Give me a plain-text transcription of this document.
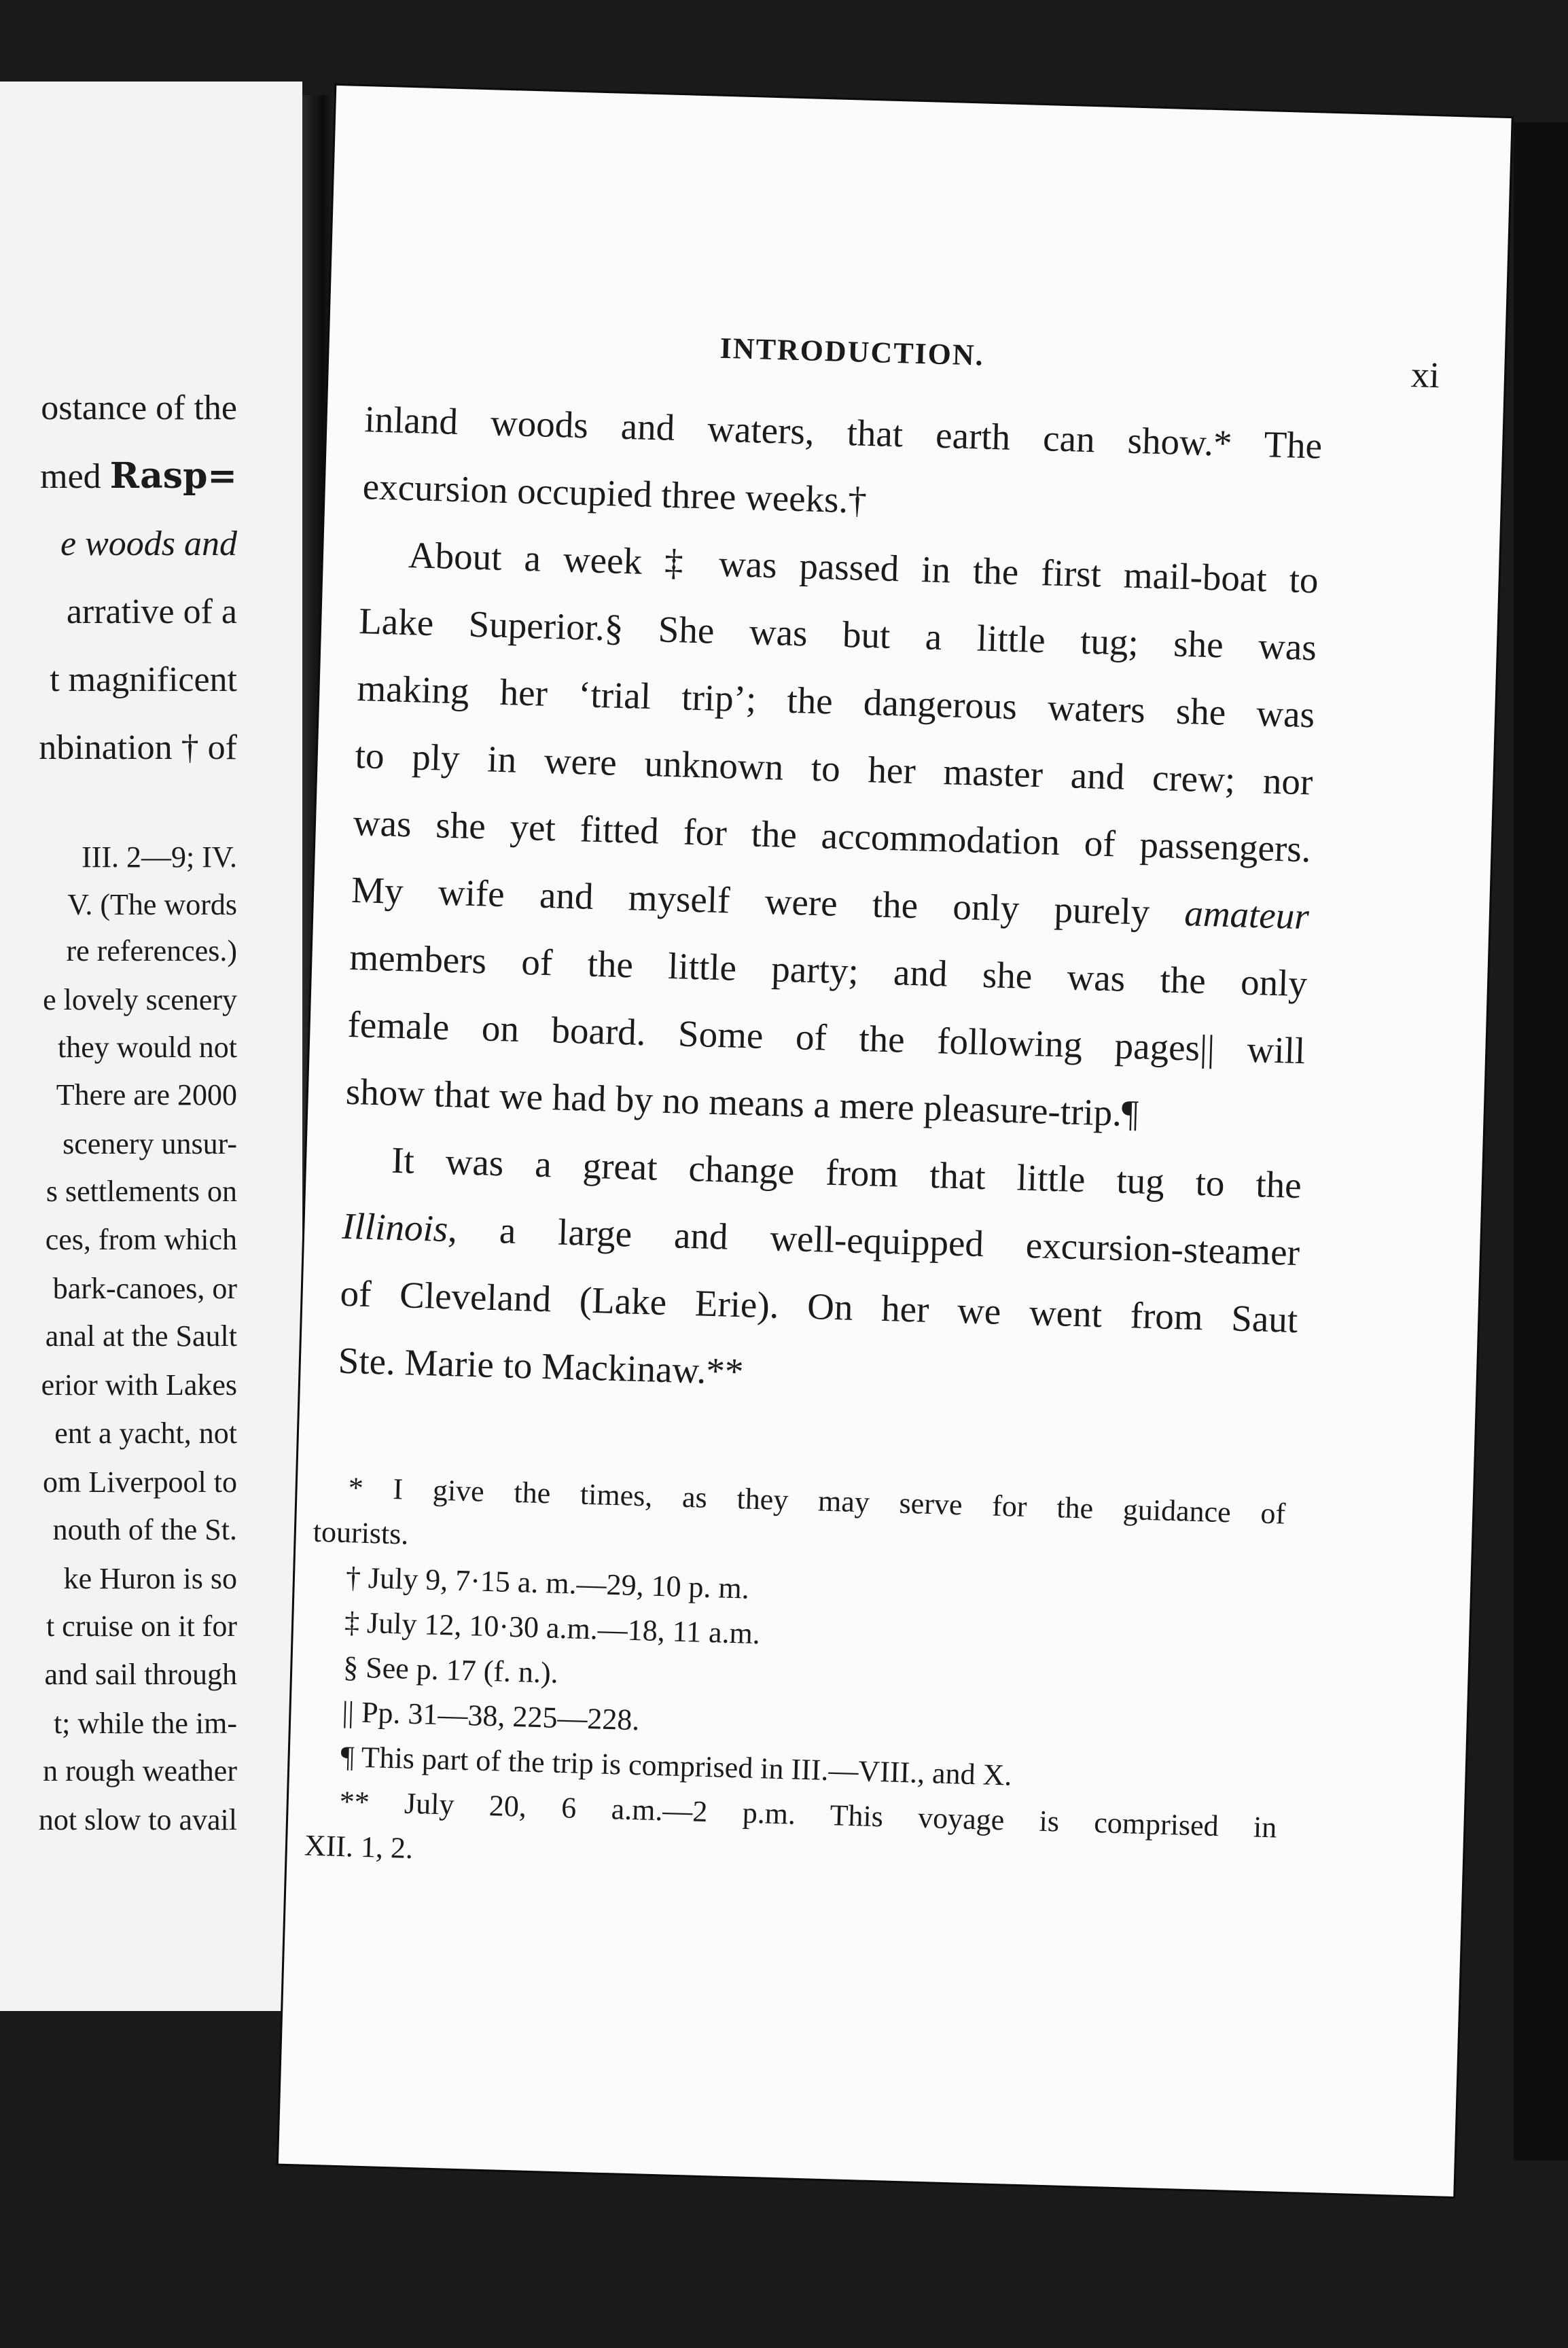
ostance of the
med Rasp=
e woods and
arrative of a
t magnificent
nbination † of
III. 2—9; IV.
V. (The words
re references.)
e lovely scenery
they would not
There are 2000
scenery unsur-
s settlements on
ces, from which
bark-canoes, or
anal at the Sault
erior with Lakes
ent a yacht, not
om Liverpool to
nouth of the St.
ke Huron is so
t cruise on it for
and sail through
t; while the im-
n rough weather
not slow to avail
INTRODUCTION.
xi
inland woods and waters, that earth can show.* The
excursion occupied three weeks.†
About a week ‡ was passed in the first mail-boat to
Lake Superior.§ She was but a little tug; she was
making her ‘trial trip’; the dangerous waters she was
to ply in were unknown to her master and crew; nor
was she yet fitted for the accommodation of passengers.
My wife and myself were the only purely amateur
members of the little party; and she was the only
female on board. Some of the following pages|| will
show that we had by no means a mere pleasure-trip.¶
It was a great change from that little tug to the
Illinois, a large and well-equipped excursion-steamer
of Cleveland (Lake Erie). On her we went from Saut
Ste. Marie to Mackinaw.**
* I give the times, as they may serve for the guidance of
tourists.
† July 9, 7·15 a. m.—29, 10 p. m.
‡ July 12, 10·30 a.m.—18, 11 a.m.
§ See p. 17 (f. n.).
|| Pp. 31—38, 225—228.
¶ This part of the trip is comprised in III.—VIII., and X.
** July 20, 6 a.m.—2 p.m. This voyage is comprised in
XII. 1, 2.
